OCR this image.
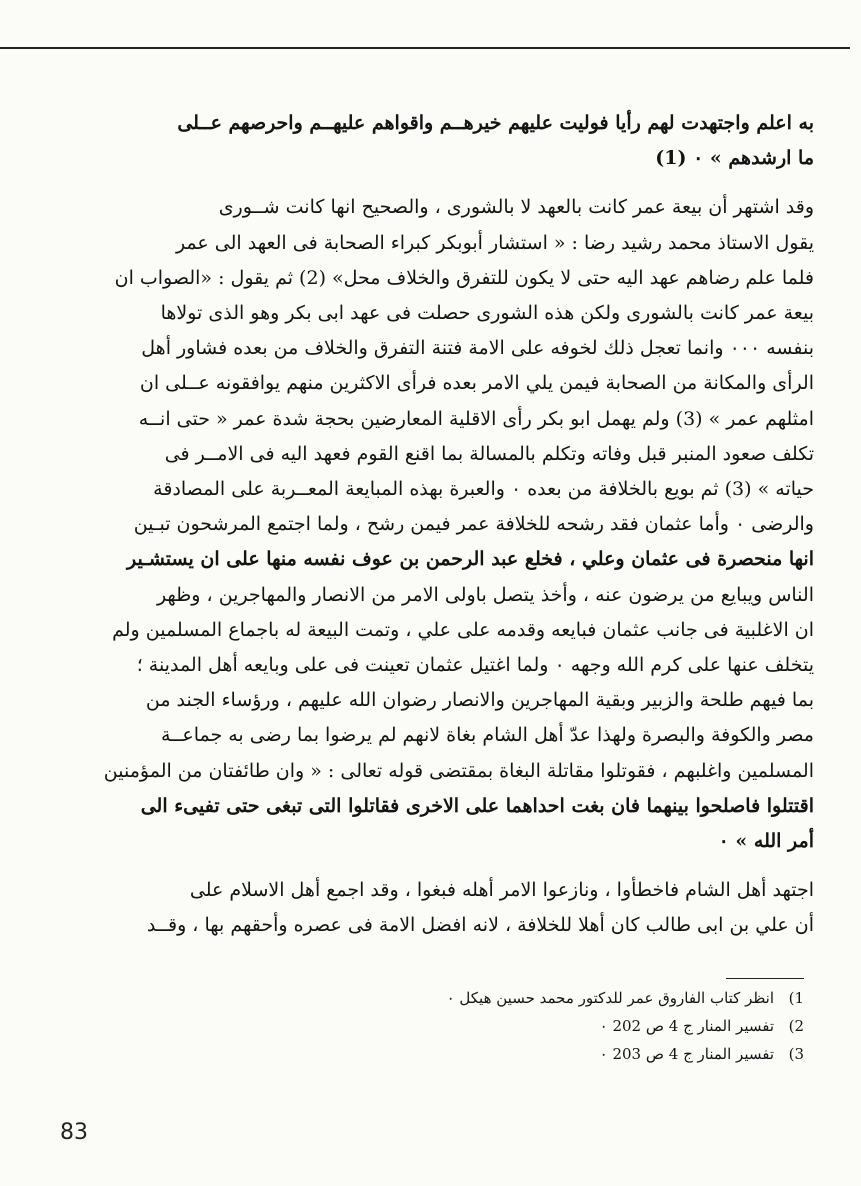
به اعلم واجتهدت لهم رأيا فوليت عليهم خيرهــم واقواهم عليهــم واحرصهم عــلى
ما ارشدهم » ٠ (1)
وقد اشتهر أن بيعة عمر كانت بالعهد لا بالشورى ، والصحيح انها كانت شــورى
يقول الاستاذ محمد رشيد رضا : « استشار أبوبكر كبراء الصحابة فى العهد الى عمر
فلما علم رضاهم عهد اليه حتى لا يكون للتفرق والخلاف محل» (2) ثم يقول : «الصواب ان
بيعة عمر كانت بالشورى ولكن هذه الشورى حصلت فى عهد ابى بكر وهو الذى تولاها
بنفسه ٠٠٠ وانما تعجل ذلك لخوفه على الامة فتنة التفرق والخلاف من بعده فشاور أهل
الرأى والمكانة من الصحابة فيمن يلي الامر بعده فرأى الاكثرين منهم يوافقونه عــلى ان
امثلهم عمر » (3) ولم يهمل ابو بكر رأى الاقلية المعارضين بحجة شدة عمر « حتى انــه
تكلف صعود المنبر قبل وفاته وتكلم بالمسالة بما اقنع القوم فعهد اليه فى الامــر فى
حياته » (3) ثم بويع بالخلافة من بعده ٠ والعبرة بهذه المبايعة المعــربة على المصادقة
والرضى ٠ وأما عثمان فقد رشحه للخلافة عمر فيمن رشح ، ولما اجتمع المرشحون تبـين
انها منحصرة فى عثمان وعلي ، فخلع عبد الرحمن بن عوف نفسه منها على ان يستشـير
الناس ويبايع من يرضون عنه ، وأخذ يتصل باولى الامر من الانصار والمهاجرين ، وظهر
ان الاغلبية فى جانب عثمان فبايعه وقدمه على علي ، وتمت البيعة له باجماع المسلمين ولم
يتخلف عنها على كرم الله وجهه ٠ ولما اغتيل عثمان تعينت فى على وبايعه أهل المدينة ؛
بما فيهم طلحة والزبير وبقية المهاجرين والانصار رضوان الله عليهم ، ورؤساء الجند من
مصر والكوفة والبصرة ولهذا عدّ أهل الشام بغاة لانهم لم يرضوا بما رضى به جماعــة
المسلمين واغلبهم ، فقوتلوا مقاتلة البغاة بمقتضى قوله تعالى : « وان طائفتان من المؤمنين
اقتتلوا فاصلحوا بينهما فان بغت احداهما على الاخرى فقاتلوا التى تبغى حتى تفيىء الى
أمر الله » ٠
اجتهد أهل الشام فاخطأوا ، ونازعوا الامر أهله فبغوا ، وقد اجمع أهل الاسلام على
أن علي بن ابى طالب كان أهلا للخلافة ، لانه افضل الامة فى عصره وأحقهم بها ، وقــد
1)
انظر كتاب الفاروق عمر للدكتور محمد حسين هيكل ٠
2)
تفسير المنار ج 4 ص 202 ٠
3)
تفسير المنار ج 4 ص 203 ٠
83
